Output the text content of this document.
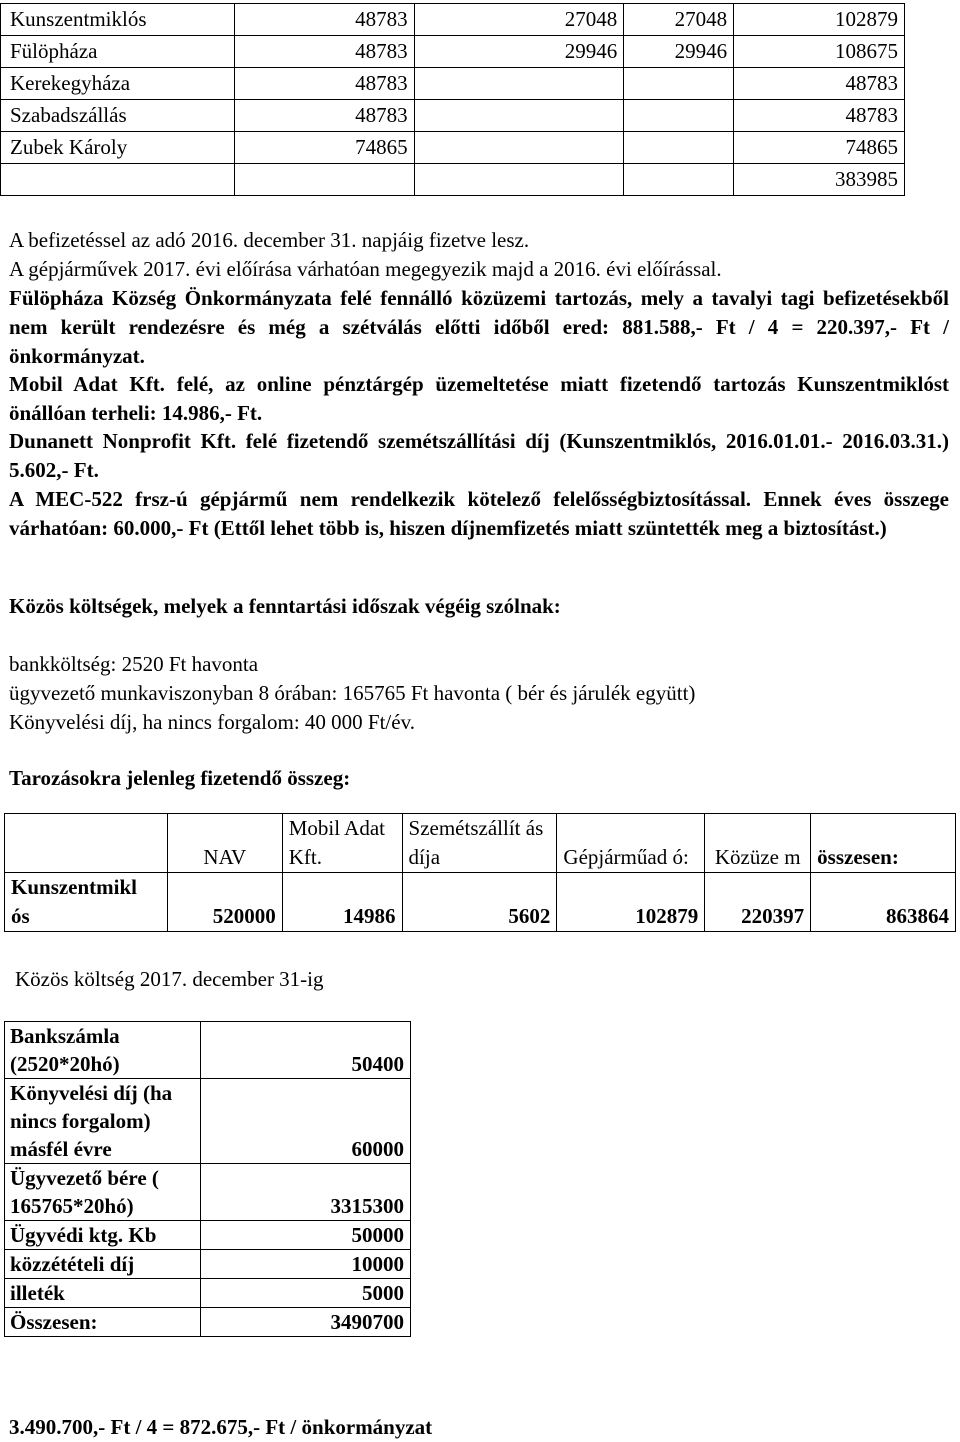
Kunszentmiklós	48783	27048	27048	102879
Fülöpháza	48783	29946	29946	108675
Kerekegyháza	48783			48783
Szabadszállás	48783			48783
Zubek Károly	74865			74865
				383985

A befizetéssel az adó 2016. december 31. napjáig fizetve lesz.

A gépjárművek 2017. évi előírása várhatóan megegyezik majd a 2016. évi előírással.

Fülöpháza Község Önkormányzata felé fennálló közüzemi tartozás, mely a tavalyi tagi befizetésekből nem került rendezésre és még a szétválás előtti időből ered: 881.588,- Ft / 4 = 220.397,- Ft / önkormányzat.

Mobil Adat Kft. felé, az online pénztárgép üzemeltetése miatt fizetendő tartozás Kunszentmiklóst önállóan terheli: 14.986,- Ft.

Dunanett Nonprofit Kft. felé fizetendő szemétszállítási díj (Kunszentmiklós, 2016.01.01.- 2016.03.31.) 5.602,- Ft.

A MEC-522 frsz-ú gépjármű nem rendelkezik kötelező felelősségbiztosítással. Ennek éves összege várhatóan: 60.000,- Ft (Ettől lehet több is, hiszen díjnemfizetés miatt szüntették meg a biztosítást.)

Közös költségek, melyek a fenntartási időszak végéig szólnak:

bankköltség: 2520 Ft havonta

ügyvezető munkaviszonyban 8 órában: 165765 Ft havonta ( bér és járulék együtt)

Könyvelési díj, ha nincs forgalom: 40 000 Ft/év.

Tarozásokra jelenleg fizetendő összeg:

	NAV	Mobil Adat Kft.	Szemétszállít ás díja	Gépjárműad ó:	Közüze m	összesen:
Kunszentmikl ós	520000	14986	5602	102879	220397	863864

Közös költség 2017. december 31-ig

Bankszámla (2520*20hó)	50400
Könyvelési díj (ha nincs forgalom) másfél évre	60000
Ügyvezető bére ( 165765*20hó)	3315300
Ügyvédi ktg. Kb	50000
közzétételi díj	10000
illeték	5000
Összesen:	3490700

3.490.700,- Ft / 4 = 872.675,- Ft / önkormányzat
